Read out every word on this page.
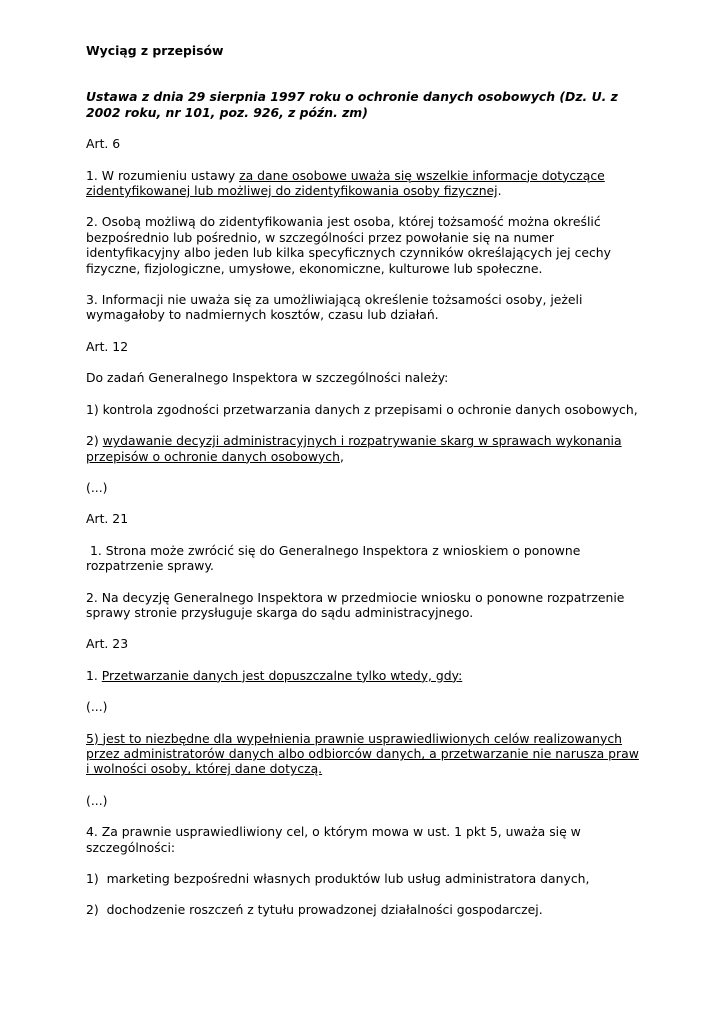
Wyciąg z przepisów

Ustawa z dnia 29 sierpnia 1997 roku o ochronie danych osobowych (Dz. U. z 2002 roku, nr 101, poz. 926, z późn. zm)

Art. 6

1. W rozumieniu ustawy za dane osobowe uważa się wszelkie informacje dotyczące zidentyfikowanej lub możliwej do zidentyfikowania osoby fizycznej.

2. Osobą możliwą do zidentyfikowania jest osoba, której tożsamość można określić bezpośrednio lub pośrednio, w szczególności przez powołanie się na numer identyfikacyjny albo jeden lub kilka specyficznych czynników określających jej cechy fizyczne, fizjologiczne, umysłowe, ekonomiczne, kulturowe lub społeczne.

3. Informacji nie uważa się za umożliwiającą określenie tożsamości osoby, jeżeli wymagałoby to nadmiernych kosztów, czasu lub działań.

Art. 12

Do zadań Generalnego Inspektora w szczególności należy:

1) kontrola zgodności przetwarzania danych z przepisami o ochronie danych osobowych,

2) wydawanie decyzji administracyjnych i rozpatrywanie skarg w sprawach wykonania przepisów o ochronie danych osobowych,

(...)

Art. 21

1. Strona może zwrócić się do Generalnego Inspektora z wnioskiem o ponowne rozpatrzenie sprawy.

2. Na decyzję Generalnego Inspektora w przedmiocie wniosku o ponowne rozpatrzenie sprawy stronie przysługuje skarga do sądu administracyjnego.

Art. 23

1. Przetwarzanie danych jest dopuszczalne tylko wtedy, gdy:

(...)

5) jest to niezbędne dla wypełnienia prawnie usprawiedliwionych celów realizowanych przez administratorów danych albo odbiorców danych, a przetwarzanie nie narusza praw i wolności osoby, której dane dotyczą.

(...)

4. Za prawnie usprawiedliwiony cel, o którym mowa w ust. 1 pkt 5, uważa się w szczególności:

1)  marketing bezpośredni własnych produktów lub usług administratora danych,

2)  dochodzenie roszczeń z tytułu prowadzonej działalności gospodarczej.
